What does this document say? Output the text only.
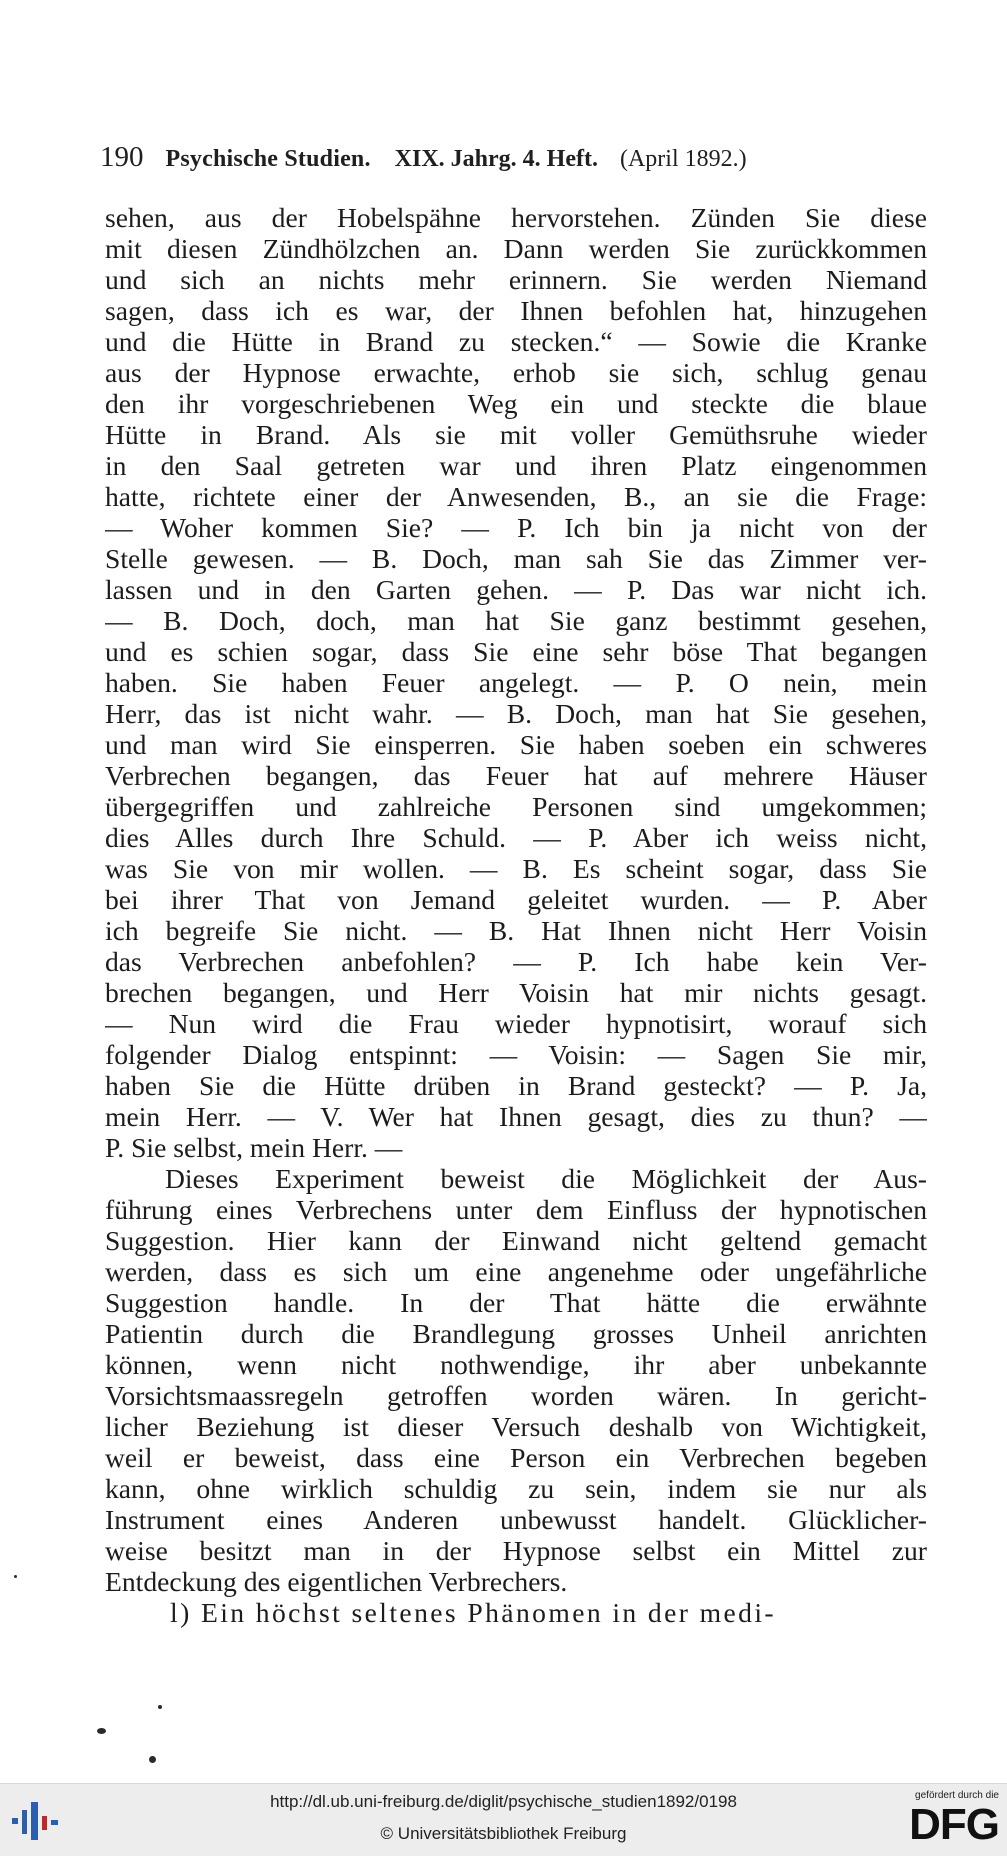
190 Psychische Studien. XIX. Jahrg. 4. Heft. (April 1892.)
sehen, aus der Hobelspähne hervorstehen. Zünden Sie diese
mit diesen Zündhölzchen an. Dann werden Sie zurückkommen
und sich an nichts mehr erinnern. Sie werden Niemand
sagen, dass ich es war, der Ihnen befohlen hat, hinzugehen
und die Hütte in Brand zu stecken.“ — Sowie die Kranke
aus der Hypnose erwachte, erhob sie sich, schlug genau
den ihr vorgeschriebenen Weg ein und steckte die blaue
Hütte in Brand. Als sie mit voller Gemüthsruhe wieder
in den Saal getreten war und ihren Platz eingenommen
hatte, richtete einer der Anwesenden, B., an sie die Frage:
— Woher kommen Sie? — P. Ich bin ja nicht von der
Stelle gewesen. — B. Doch, man sah Sie das Zimmer ver-
lassen und in den Garten gehen. — P. Das war nicht ich.
— B. Doch, doch, man hat Sie ganz bestimmt gesehen,
und es schien sogar, dass Sie eine sehr böse That begangen
haben. Sie haben Feuer angelegt. — P. O nein, mein
Herr, das ist nicht wahr. — B. Doch, man hat Sie gesehen,
und man wird Sie einsperren. Sie haben soeben ein schweres
Verbrechen begangen, das Feuer hat auf mehrere Häuser
übergegriffen und zahlreiche Personen sind umgekommen;
dies Alles durch Ihre Schuld. — P. Aber ich weiss nicht,
was Sie von mir wollen. — B. Es scheint sogar, dass Sie
bei ihrer That von Jemand geleitet wurden. — P. Aber
ich begreife Sie nicht. — B. Hat Ihnen nicht Herr Voisin
das Verbrechen anbefohlen? — P. Ich habe kein Ver-
brechen begangen, und Herr Voisin hat mir nichts gesagt.
— Nun wird die Frau wieder hypnotisirt, worauf sich
folgender Dialog entspinnt: — Voisin: — Sagen Sie mir,
haben Sie die Hütte drüben in Brand gesteckt? — P. Ja,
mein Herr. — V. Wer hat Ihnen gesagt, dies zu thun? —
P. Sie selbst, mein Herr. —
Dieses Experiment beweist die Möglichkeit der Aus-
führung eines Verbrechens unter dem Einfluss der hypnotischen
Suggestion. Hier kann der Einwand nicht geltend gemacht
werden, dass es sich um eine angenehme oder ungefährliche
Suggestion handle. In der That hätte die erwähnte
Patientin durch die Brandlegung grosses Unheil anrichten
können, wenn nicht nothwendige, ihr aber unbekannte
Vorsichtsmaassregeln getroffen worden wären. In gericht-
licher Beziehung ist dieser Versuch deshalb von Wichtigkeit,
weil er beweist, dass eine Person ein Verbrechen begeben
kann, ohne wirklich schuldig zu sein, indem sie nur als
Instrument eines Anderen unbewusst handelt. Glücklicher-
weise besitzt man in der Hypnose selbst ein Mittel zur
Entdeckung des eigentlichen Verbrechers.
l) Ein höchst seltenes Phänomen in der medi-
http://dl.ub.uni-freiburg.de/diglit/psychische_studien1892/0198
© Universitätsbibliothek Freiburg
gefördert durch die
DFG
